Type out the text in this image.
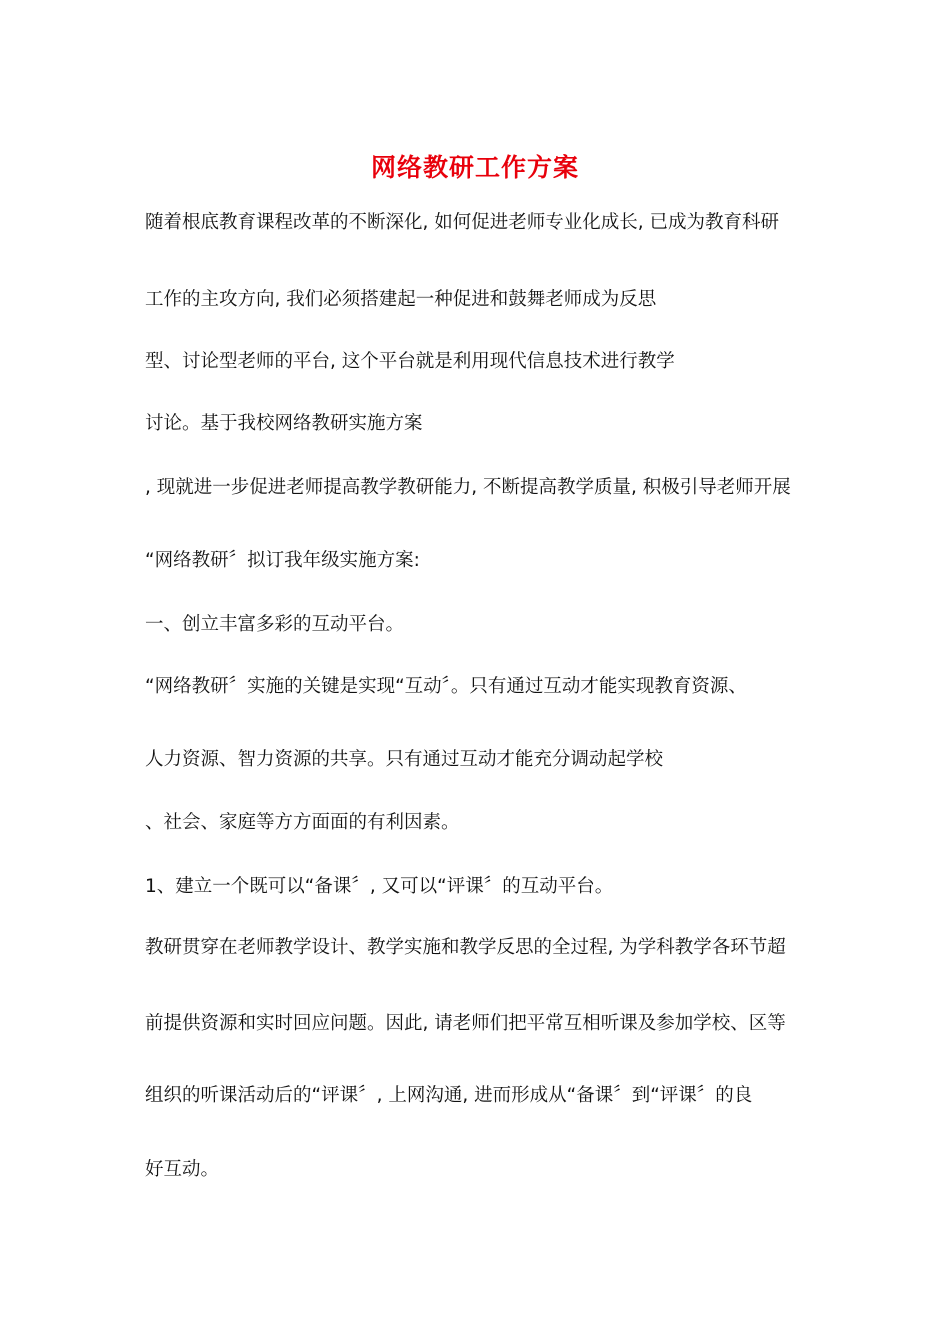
网络教研工作方案
随着根底教育课程改革的不断深化, 如何促进老师专业化成长, 已成为教育科研
工作的主攻方向, 我们必须搭建起一种促进和鼓舞老师成为反思
型、讨论型老师的平台, 这个平台就是利用现代信息技术进行教学
讨论。基于我校网络教研实施方案
, 现就进一步促进老师提高教学教研能力, 不断提高教学质量, 积极引导老师开展
“网络教研〞拟订我年级实施方案:
一、创立丰富多彩的互动平台。
“网络教研〞实施的关键是实现“互动〞。只有通过互动才能实现教育资源、
人力资源、智力资源的共享。只有通过互动才能充分调动起学校
、社会、家庭等方方面面的有利因素。
1、建立一个既可以“备课〞, 又可以“评课〞的互动平台。
教研贯穿在老师教学设计、教学实施和教学反思的全过程, 为学科教学各环节超
前提供资源和实时回应问题。因此, 请老师们把平常互相听课及参加学校、区等
组织的听课活动后的“评课〞, 上网沟通, 进而形成从“备课〞到“评课〞的良
好互动。
